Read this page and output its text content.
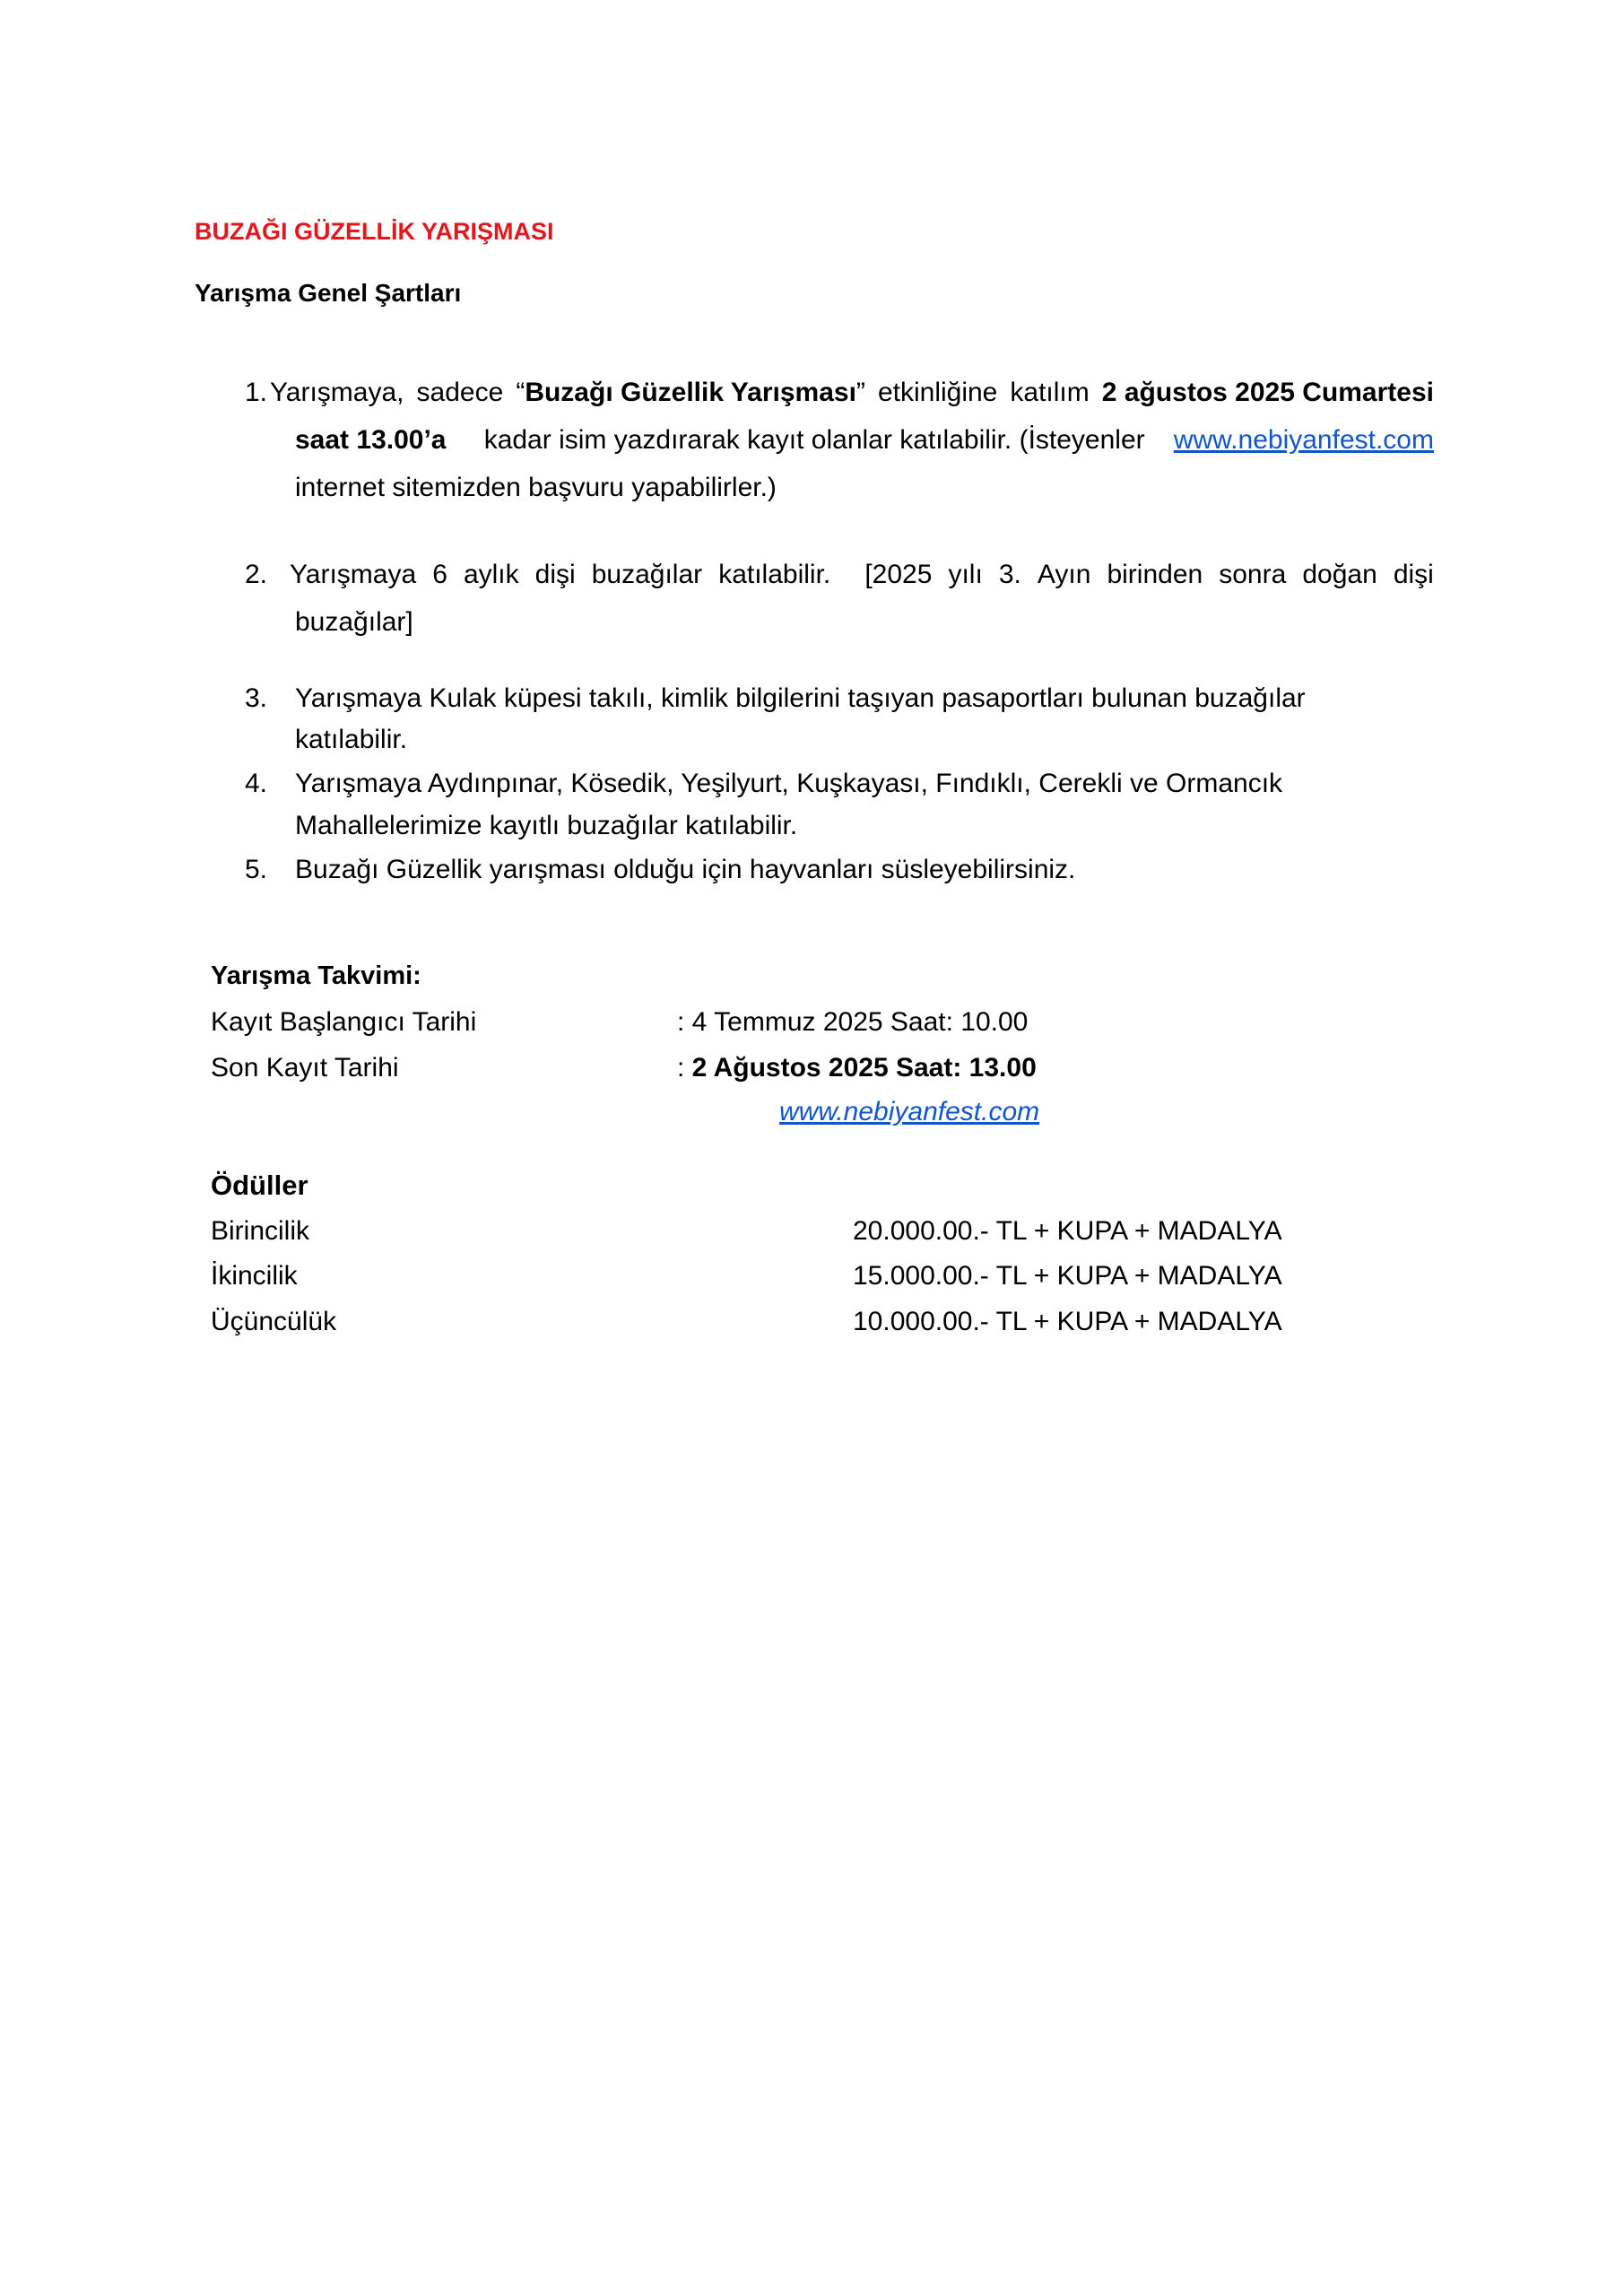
BUZAĞI GÜZELLİK YARIŞMASI
Yarışma Genel Şartları
1. Yarışmaya, sadece “Buzağı Güzellik Yarışması” etkinliğine katılım 2 ağustos 2025 Cumartesi
saat 13.00’a kadar isim yazdırarak kayıt olanlar katılabilir. (İsteyenler www.nebiyanfest.com
internet sitemizden başvuru yapabilirler.)
2. Yarışmaya 6 aylık dişi buzağılar katılabilir. [2025 yılı 3. Ayın birinden sonra doğan dişi
buzağılar]
3. Yarışmaya Kulak küpesi takılı, kimlik bilgilerini taşıyan pasaportları bulunan buzağılar
katılabilir.
4. Yarışmaya Aydınpınar, Kösedik, Yeşilyurt, Kuşkayası, Fındıklı, Cerekli ve Ormancık
Mahallelerimize kayıtlı buzağılar katılabilir.
5. Buzağı Güzellik yarışması olduğu için hayvanları süsleyebilirsiniz.
Yarışma Takvimi:
Kayıt Başlangıcı Tarihi	: 4 Temmuz 2025 Saat: 10.00
Son Kayıt Tarihi	: 2 Ağustos 2025 Saat: 13.00
www.nebiyanfest.com
Ödüller
Birincilik	20.000.00.- TL + KUPA + MADALYA
İkincilik	15.000.00.- TL + KUPA + MADALYA
Üçüncülük	10.000.00.- TL + KUPA + MADALYA
